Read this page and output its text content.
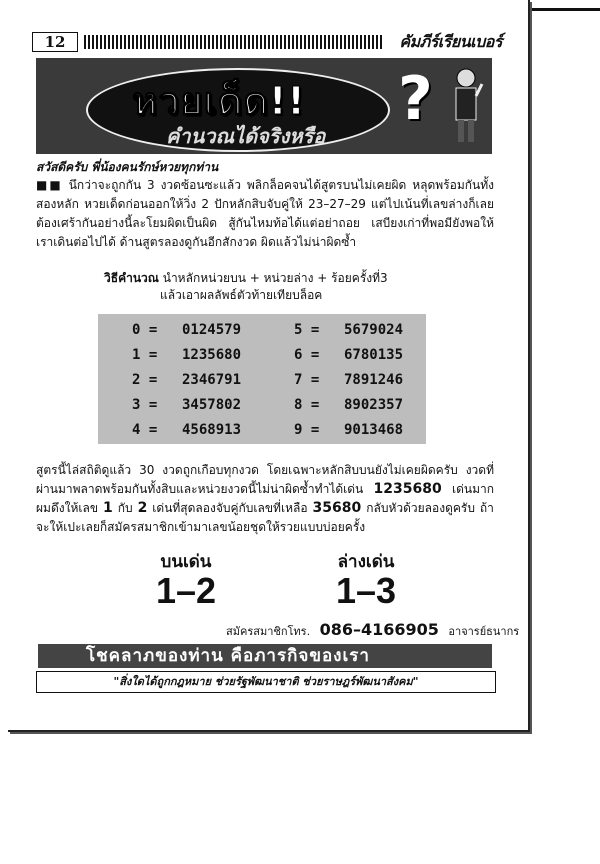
12	คัมภีร์เรียนเบอร์
หวยเด็ด!!
คำนวณได้จริงหรือ
?
สวัสดีครับ พี่น้องคนรักษ์หวยทุกท่าน
■■ นึกว่าจะถูกกัน 3 งวดซ้อนซะแล้ว พลิกล็อคจนได้สูตรบนไม่เคยผิด หลุดพร้อมกันทั้งสองหลัก หวยเด็ดก่อนออกให้วิ่ง 2 ปักหลักสิบจับคู่ให้ 23–27–29 แต่ไปเน้นที่เลขล่างก็เลยต้องเศร้ากันอย่างนี้ละโยมผิดเป็นผิด สู้กันไหมท้อได้แต่อย่าถอย เสบียงเก่าที่พอมียังพอให้เราเดินต่อไปได้ ด้านสูตรลองดูกันอีกสักงวด ผิดแล้วไม่น่าผิดซ้ำ
วิธีคำนวณ นำหลักหน่วยบน + หน่วยล่าง + ร้อยครั้งที่3
แล้วเอาผลลัพธ์ตัวท้ายเทียบล็อค
0 = 0124579
1 = 1235680
2 = 2346791
3 = 3457802
4 = 4568913
5 = 5679024
6 = 6780135
7 = 7891246
8 = 8902357
9 = 9013468
สูตรนี้ไล่สถิติดูแล้ว 30 งวดถูกเกือบทุกงวด โดยเฉพาะหลักสิบบนยังไม่เคยผิดครับ งวดที่ผ่านมาพลาดพร้อมกันทั้งสิบและหน่วยงวดนี้ไม่น่าผิดซ้ำทำได้เด่น 1235680 เด่นมากผมดึงให้เลข 1 กับ 2 เด่นที่สุดลองจับคู่กับเลขที่เหลือ 35680 กลับหัวด้วยลองดูครับ ถ้าจะให้เปะเลยก็สมัครสมาชิกเข้ามาเลขน้อยชุดให้รวยแบบบ่อยครั้ง
บนเด่น
1–2
ล่างเด่น
1–3
สมัครสมาชิกโทร. 086–4166905 อาจารย์ธนากร
โชคลาภของท่าน คือภารกิจของเรา
"สิ่งใดได้ถูกกฎหมาย ช่วยรัฐพัฒนาชาติ ช่วยราษฎร์พัฒนาสังคม"
